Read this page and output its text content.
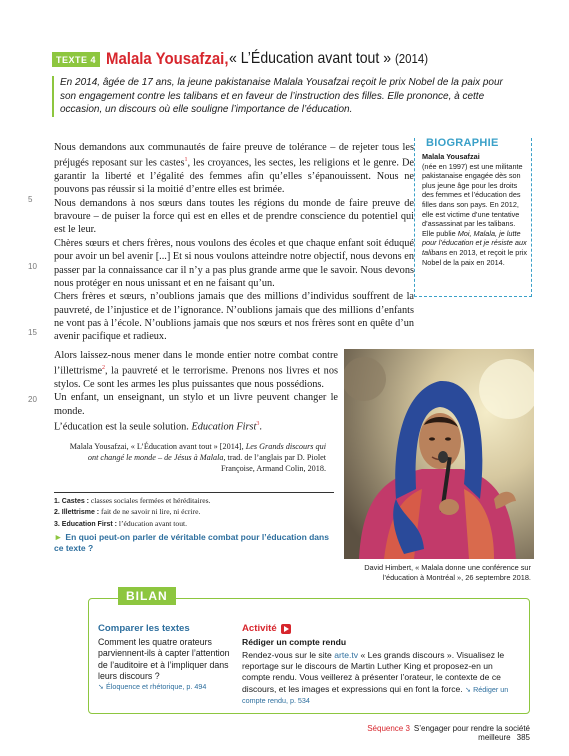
TEXTE 4 Malala Yousafzai, « L’Éducation avant tout » (2014)
En 2014, âgée de 17 ans, la jeune pakistanaise Malala Yousafzai reçoit le prix Nobel de la paix pour son engagement contre les talibans et en faveur de l’instruction des filles. Elle prononce, à cette occasion, un discours où elle souligne l’importance de l’éducation.

Nous demandons aux communautés de faire preuve de tolérance – de rejeter tous les préjugés reposant sur les castes$^1$, les croyances, les sectes, les religions et le genre. De garantir la liberté et l’égalité des femmes afin qu’elles s’épanouissent. Nous ne pouvons pas réussir si la moitié d’entre elles est brimée.

Nous demandons à nos sœurs dans toutes les régions du monde de faire preuve de bravoure – de puiser la force qui est en elles et de prendre conscience du potentiel qui est le leur.

Chères sœurs et chers frères, nous voulons des écoles et que chaque enfant soit éduqué pour avoir un bel avenir [...] Et si nous voulons atteindre notre objectif, nous devons en passer par la connaissance car il n’y a pas plus grande arme que le savoir. Nous devons nous protéger en nous unissant et en ne faisant qu’un.

Chers frères et sœurs, n’oublions jamais que des millions d’individus souffrent de la pauvreté, de l’injustice et de l’ignorance. N’oublions jamais que des millions d’enfants ne vont pas à l’école. N’oublions jamais que nos sœurs et nos frères sont en quête d’un avenir pacifique et radieux.

Alors laissez-nous mener dans le monde entier notre combat contre l’illettrisme$^2$, la pauvreté et le terrorisme. Prenons nos livres et nos stylos. Ce sont les armes les plus puissantes que nous possédions.

Un enfant, un enseignant, un stylo et un livre peuvent changer le monde.

L’éducation est la seule solution. Education First$^3$.

5
10
15
20
Malala Yousafzai, « L’Éducation avant tout » [2014], Les Grands discours qui ont changé le monde – de Jésus à Malala, trad. de l’anglais par D. Piolet Françoise, Armand Colin, 2018.
1. Castes : classes sociales fermées et héréditaires.
2. Illettrisme : fait de ne savoir ni lire, ni écrire.
3. Education First : l’éducation avant tout.
► En quoi peut-on parler de véritable combat pour l’éducation dans ce texte ?
BIOGRAPHIE
Malala Yousafzai
(née en 1997) est une militante pakistanaise engagée dès son plus jeune âge pour les droits des femmes et l’éducation des filles dans son pays. En 2012, elle est victime d’une tentative d’assassinat par les talibans. Elle publie Moi, Malala, je lutte pour l’éducation et je résiste aux talibans en 2013, et reçoit le prix Nobel de la paix en 2014.
David Himbert, « Malala donne une conférence sur l’éducation à Montréal », 26 septembre 2018.
BILAN
Comparer les textes
Comment les quatre orateurs parviennent-ils à capter l’attention de l’auditoire et à l’impliquer dans leurs discours ?
➘ Éloquence et rhétorique, p. 494
Activité
Rédiger un compte rendu
Rendez-vous sur le site arte.tv « Les grands discours ». Visualisez le reportage sur le discours de Martin Luther King et proposez-en un compte rendu. Vous veillerez à présenter l’orateur, le contexte de ce discours, et les images et expressions qui en font la force. ➘ Rédiger un compte rendu, p. 534
Séquence 3 S’engager pour rendre la société meilleure 385
